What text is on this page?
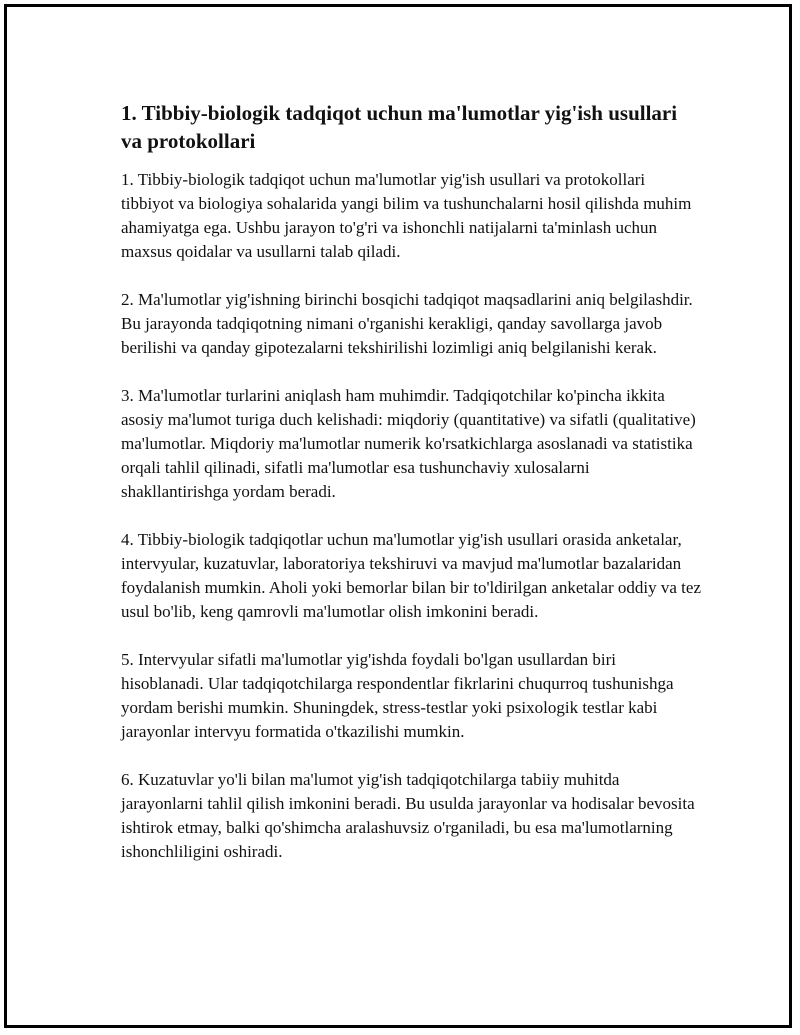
1. Tibbiy-biologik tadqiqot uchun ma'lumotlar yig'ish usullari va protokollari

1. Tibbiy-biologik tadqiqot uchun ma'lumotlar yig'ish usullari va protokollari tibbiyot va biologiya sohalarida yangi bilim va tushunchalarni hosil qilishda muhim ahamiyatga ega. Ushbu jarayon to'g'ri va ishonchli natijalarni ta'minlash uchun maxsus qoidalar va usullarni talab qiladi.

2. Ma'lumotlar yig'ishning birinchi bosqichi tadqiqot maqsadlarini aniq belgilashdir. Bu jarayonda tadqiqotning nimani o'rganishi kerakligi, qanday savollarga javob berilishi va qanday gipotezalarni tekshirilishi lozimligi aniq belgilanishi kerak.

3. Ma'lumotlar turlarini aniqlash ham muhimdir. Tadqiqotchilar ko'pincha ikkita asosiy ma'lumot turiga duch kelishadi: miqdoriy (quantitative) va sifatli (qualitative) ma'lumotlar. Miqdoriy ma'lumotlar numerik ko'rsatkichlarga asoslanadi va statistika orqali tahlil qilinadi, sifatli ma'lumotlar esa tushunchaviy xulosalarni shakllantirishga yordam beradi.

4. Tibbiy-biologik tadqiqotlar uchun ma'lumotlar yig'ish usullari orasida anketalar, intervyular, kuzatuvlar, laboratoriya tekshiruvi va mavjud ma'lumotlar bazalaridan foydalanish mumkin. Aholi yoki bemorlar bilan bir to'ldirilgan anketalar oddiy va tez usul bo'lib, keng qamrovli ma'lumotlar olish imkonini beradi.

5. Intervyular sifatli ma'lumotlar yig'ishda foydali bo'lgan usullardan biri hisoblanadi. Ular tadqiqotchilarga respondentlar fikrlarini chuqurroq tushunishga yordam berishi mumkin. Shuningdek, stress-testlar yoki psixologik testlar kabi jarayonlar intervyu formatida o'tkazilishi mumkin.

6. Kuzatuvlar yo'li bilan ma'lumot yig'ish tadqiqotchilarga tabiiy muhitda jarayonlarni tahlil qilish imkonini beradi. Bu usulda jarayonlar va hodisalar bevosita ishtirok etmay, balki qo'shimcha aralashuvsiz o'rganiladi, bu esa ma'lumotlarning ishonchliligini oshiradi.
